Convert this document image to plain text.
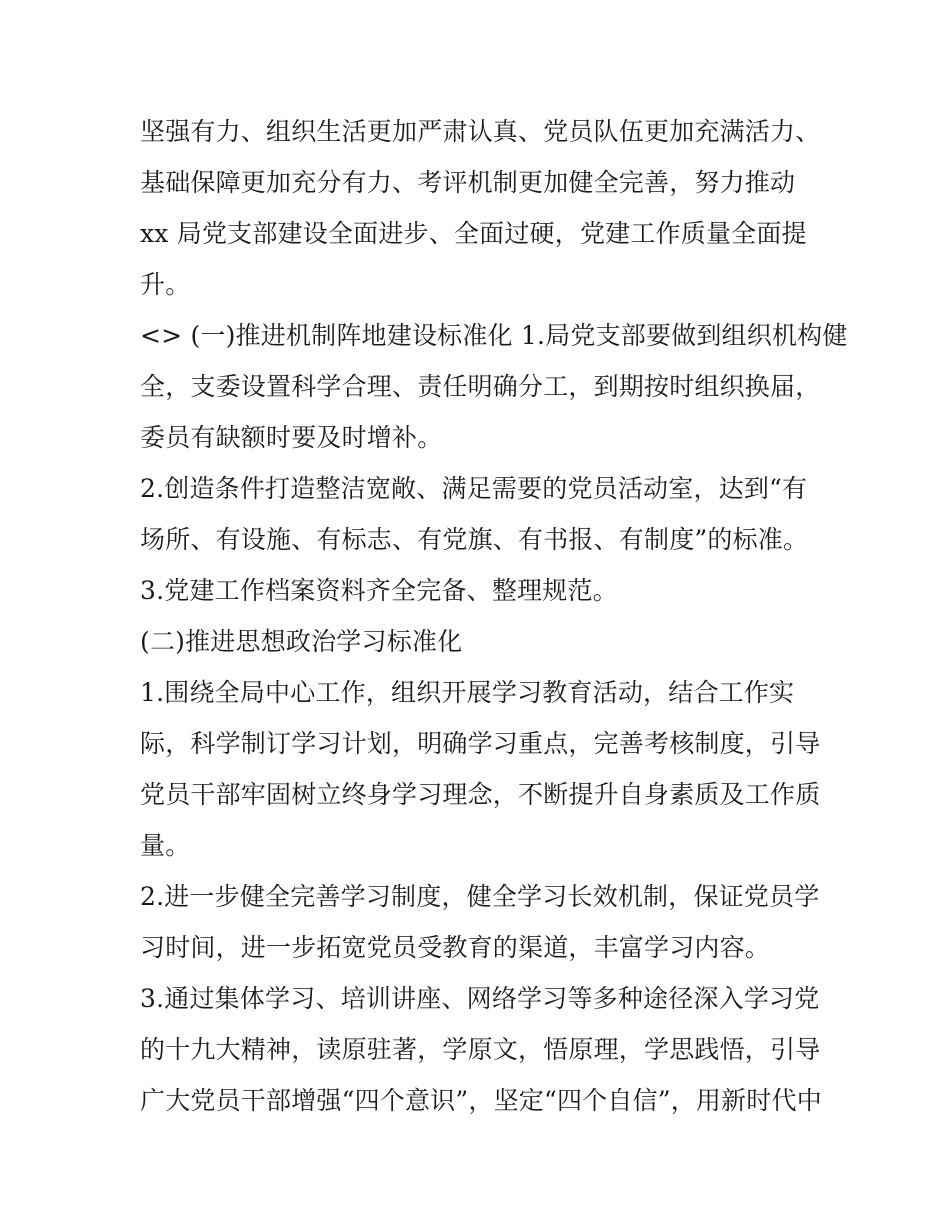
坚强有力、组织生活更加严肃认真、党员队伍更加充满活力、
基础保障更加充分有力、考评机制更加健全完善，努力推动
xx 局党支部建设全面进步、全面过硬，党建工作质量全面提
升。
<> (一)推进机制阵地建设标准化 1.局党支部要做到组织机构健
全，支委设置科学合理、责任明确分工，到期按时组织换届，
委员有缺额时要及时增补。
2.创造条件打造整洁宽敞、满足需要的党员活动室，达到“有
场所、有设施、有标志、有党旗、有书报、有制度”的标准。
3.党建工作档案资料齐全完备、整理规范。
(二)推进思想政治学习标准化
1.围绕全局中心工作，组织开展学习教育活动，结合工作实
际，科学制订学习计划，明确学习重点，完善考核制度，引导
党员干部牢固树立终身学习理念，不断提升自身素质及工作质
量。
2.进一步健全完善学习制度，健全学习长效机制，保证党员学
习时间，进一步拓宽党员受教育的渠道，丰富学习内容。
3.通过集体学习、培训讲座、网络学习等多种途径深入学习党
的十九大精神，读原驻著，学原文，悟原理，学思践悟，引导
广大党员干部增强“四个意识”，坚定“四个自信”，用新时代中
